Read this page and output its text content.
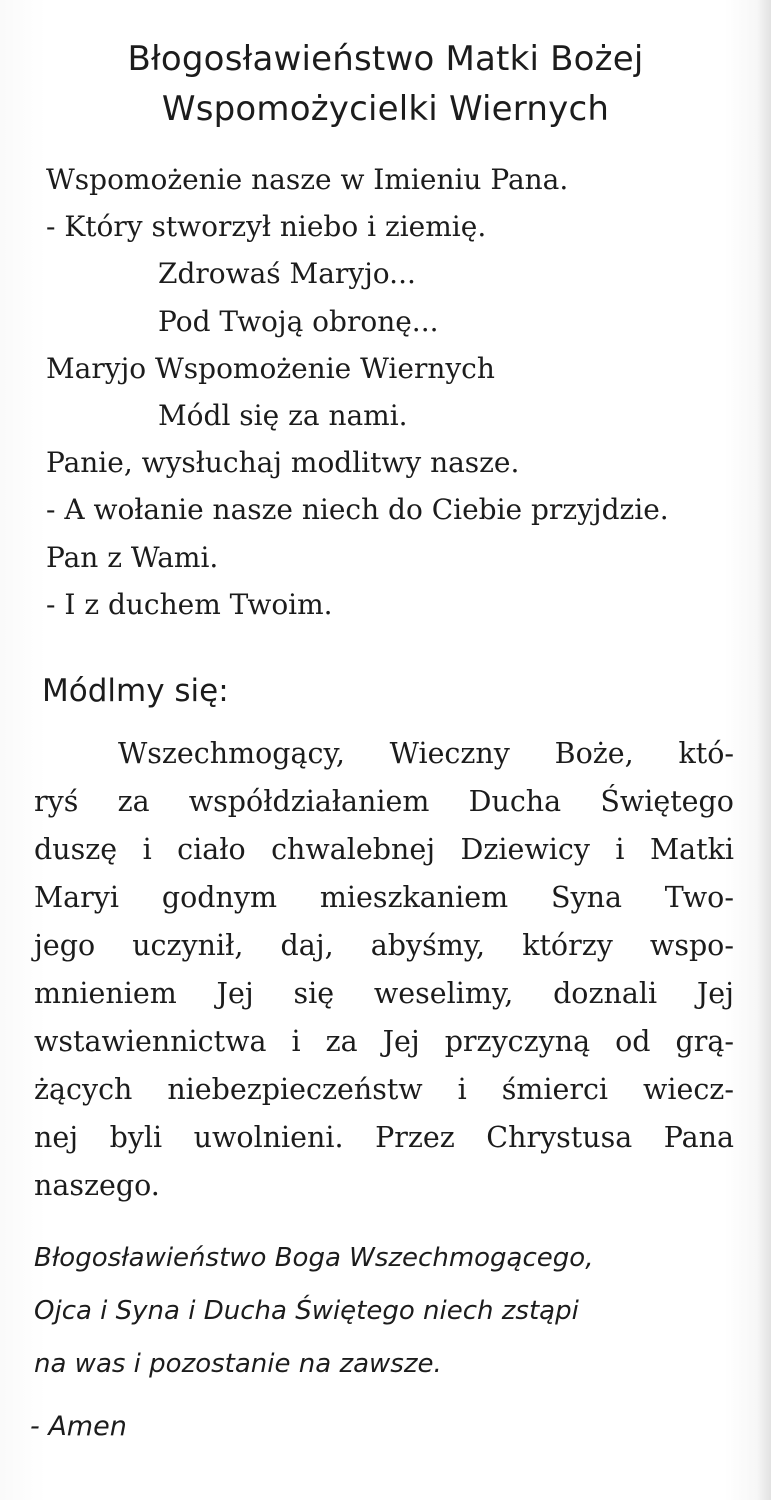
Błogosławieństwo Matki Bożej
Wspomożycielki Wiernych
Wspomożenie nasze w Imieniu Pana.
- Który stworzył niebo i ziemię.
Zdrowaś Maryjo...
Pod Twoją obronę...
Maryjo Wspomożenie Wiernych
Módl się za nami.
Panie, wysłuchaj modlitwy nasze.
- A wołanie nasze niech do Ciebie przyjdzie.
Pan z Wami.
- I z duchem Twoim.
Módlmy się:
Wszechmogący, Wieczny Boże, któ-
ryś za współdziałaniem Ducha Świętego
duszę i ciało chwalebnej Dziewicy i Matki
Maryi godnym mieszkaniem Syna Two-
jego uczynił, daj, abyśmy, którzy wspo-
mnieniem Jej się weselimy, doznali Jej
wstawiennictwa i za Jej przyczyną od grą-
żących niebezpieczeństw i śmierci wiecz-
nej byli uwolnieni. Przez Chrystusa Pana
naszego.
Błogosławieństwo Boga Wszechmogącego,
Ojca i Syna i Ducha Świętego niech zstąpi
na was i pozostanie na zawsze.
- Amen
